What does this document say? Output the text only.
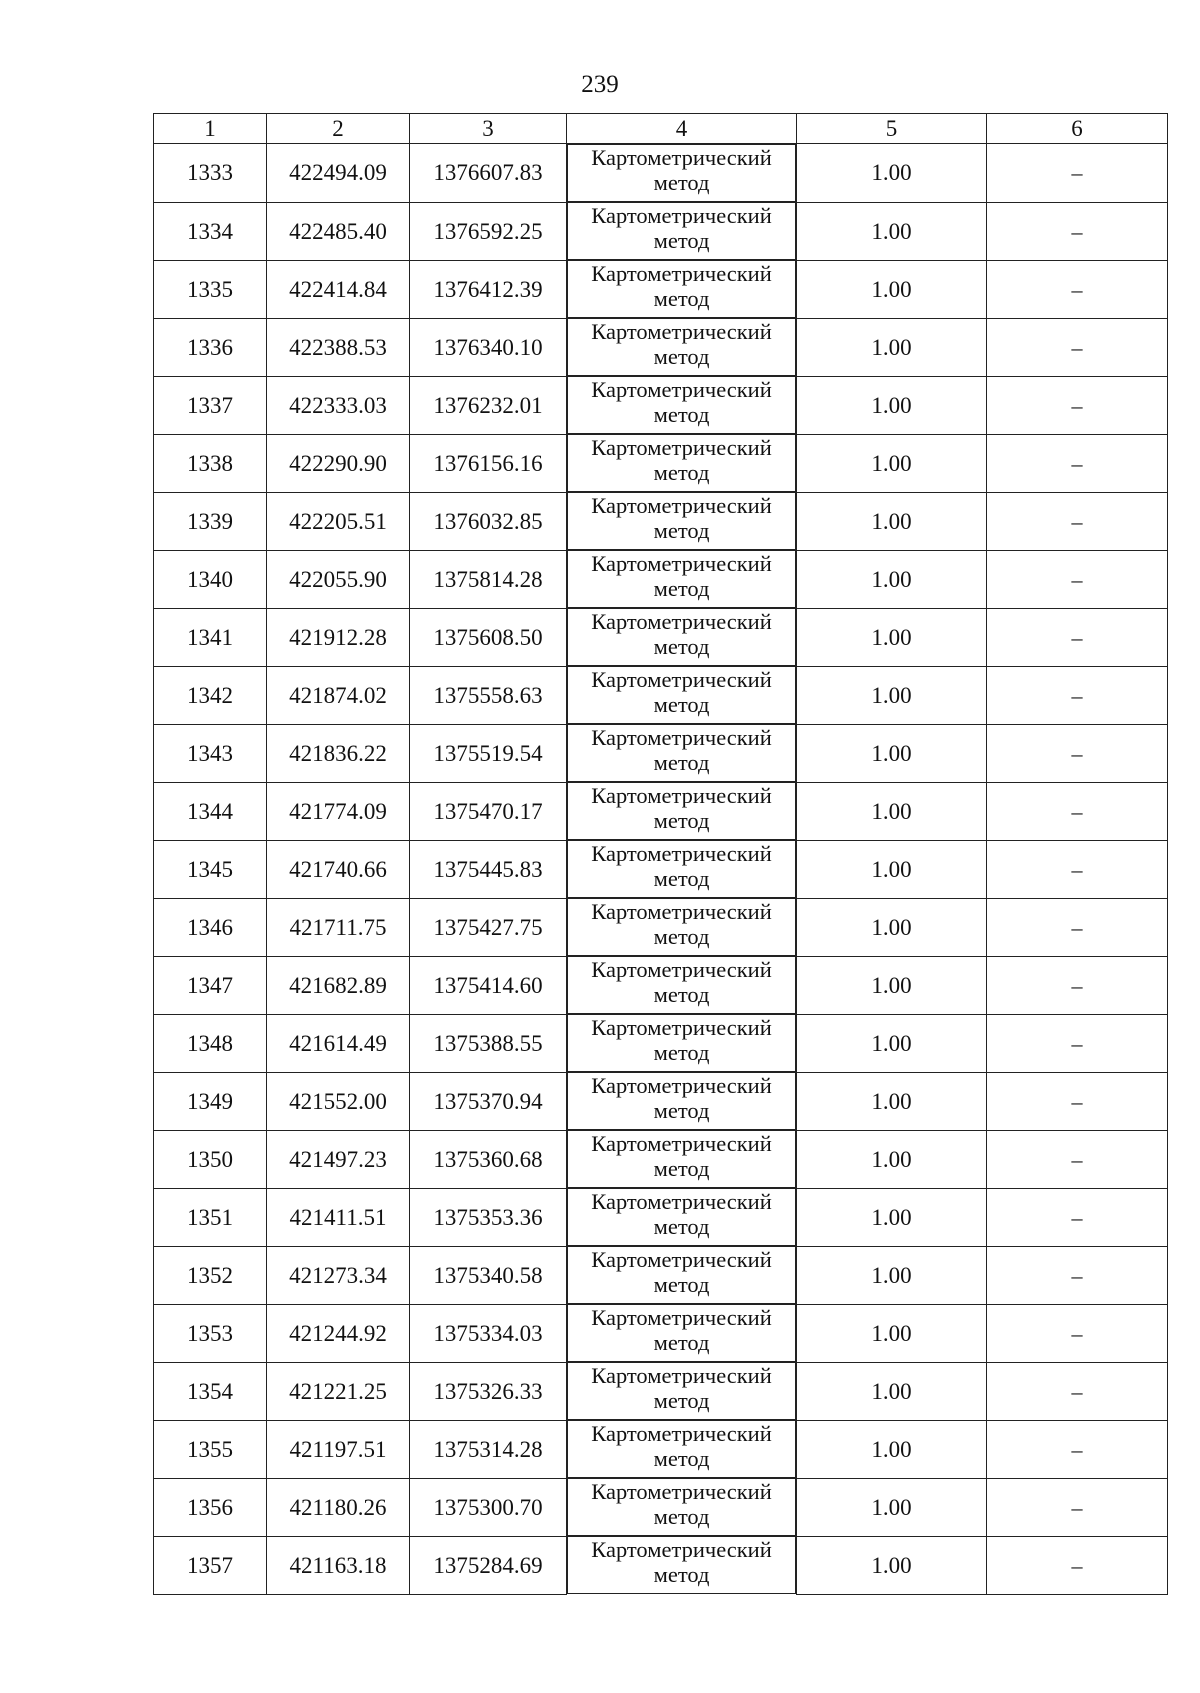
239
1	2	3	4	5	6
1333	422494.09	1376607.83	Картометрический метод	1.00	–
1334	422485.40	1376592.25	Картометрический метод	1.00	–
1335	422414.84	1376412.39	Картометрический метод	1.00	–
1336	422388.53	1376340.10	Картометрический метод	1.00	–
1337	422333.03	1376232.01	Картометрический метод	1.00	–
1338	422290.90	1376156.16	Картометрический метод	1.00	–
1339	422205.51	1376032.85	Картометрический метод	1.00	–
1340	422055.90	1375814.28	Картометрический метод	1.00	–
1341	421912.28	1375608.50	Картометрический метод	1.00	–
1342	421874.02	1375558.63	Картометрический метод	1.00	–
1343	421836.22	1375519.54	Картометрический метод	1.00	–
1344	421774.09	1375470.17	Картометрический метод	1.00	–
1345	421740.66	1375445.83	Картометрический метод	1.00	–
1346	421711.75	1375427.75	Картометрический метод	1.00	–
1347	421682.89	1375414.60	Картометрический метод	1.00	–
1348	421614.49	1375388.55	Картометрический метод	1.00	–
1349	421552.00	1375370.94	Картометрический метод	1.00	–
1350	421497.23	1375360.68	Картометрический метод	1.00	–
1351	421411.51	1375353.36	Картометрический метод	1.00	–
1352	421273.34	1375340.58	Картометрический метод	1.00	–
1353	421244.92	1375334.03	Картометрический метод	1.00	–
1354	421221.25	1375326.33	Картометрический метод	1.00	–
1355	421197.51	1375314.28	Картометрический метод	1.00	–
1356	421180.26	1375300.70	Картометрический метод	1.00	–
1357	421163.18	1375284.69	Картометрический метод	1.00	–
